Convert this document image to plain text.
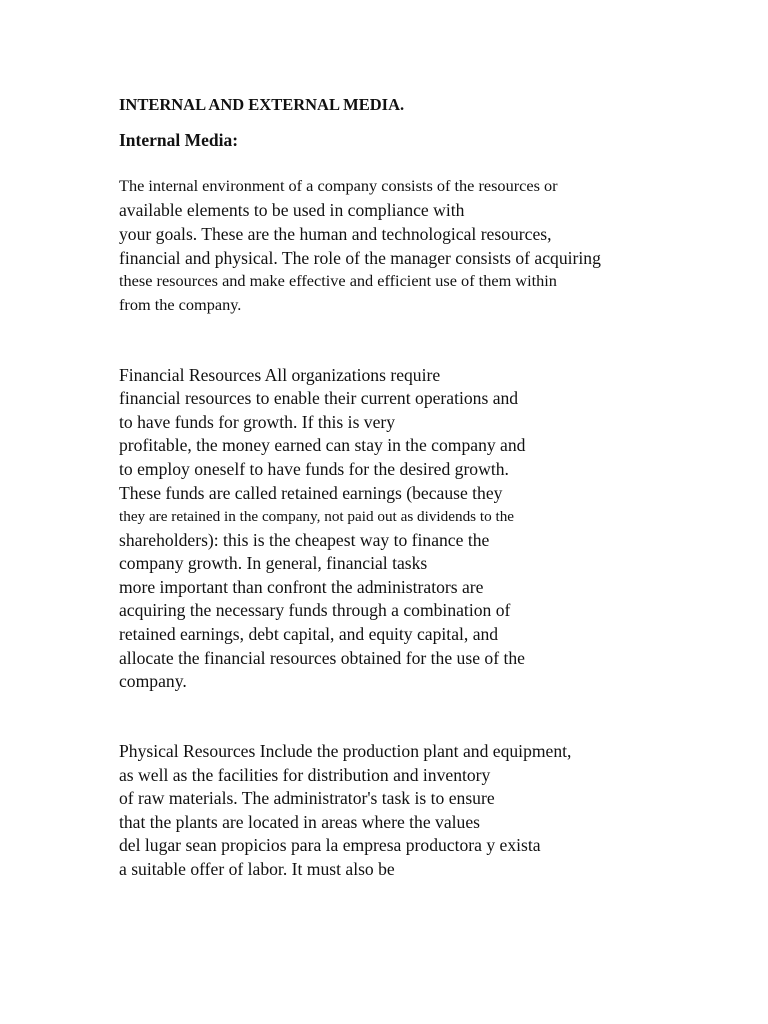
INTERNAL AND EXTERNAL MEDIA.
Internal Media:
The internal environment of a company consists of the resources or
available elements to be used in compliance with
your goals. These are the human and technological resources,
financial and physical. The role of the manager consists of acquiring
these resources and make effective and efficient use of them within
from the company.
Financial Resources All organizations require
financial resources to enable their current operations and
to have funds for growth. If this is very
profitable, the money earned can stay in the company and
to employ oneself to have funds for the desired growth.
These funds are called retained earnings (because they
they are retained in the company, not paid out as dividends to the
shareholders): this is the cheapest way to finance the
company growth. In general, financial tasks
more important than confront the administrators are
acquiring the necessary funds through a combination of
retained earnings, debt capital, and equity capital, and
allocate the financial resources obtained for the use of the
company.
Physical Resources Include the production plant and equipment,
as well as the facilities for distribution and inventory
of raw materials. The administrator's task is to ensure
that the plants are located in areas where the values
del lugar sean propicios para la empresa productora y exista
a suitable offer of labor. It must also be
